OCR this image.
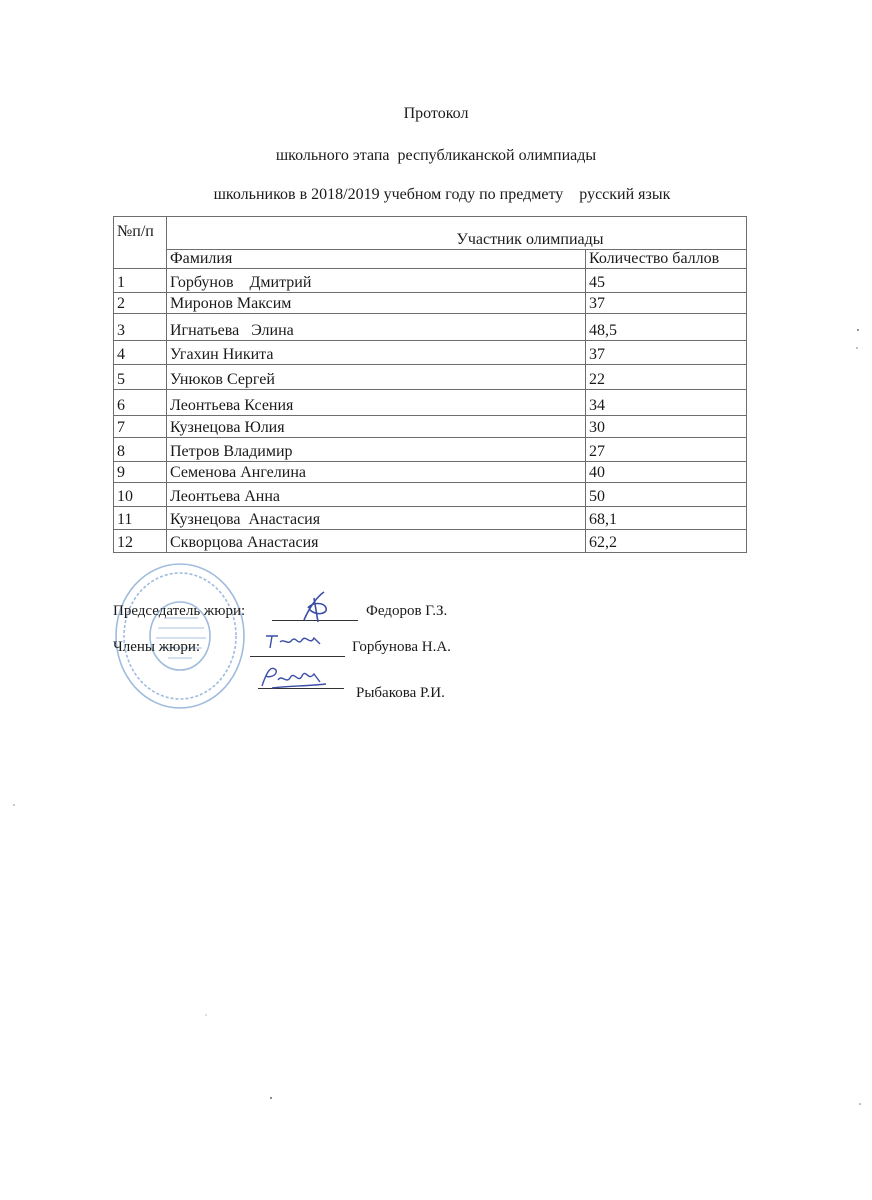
Протокол
школьного этапа  республиканской олимпиады
школьников в 2018/2019 учебном году по предмету    русский язык
№п/п	Участник олимпиады	
	Фамилия	Количество баллов
1	Горбунов    Дмитрий	45
2	Миронов Максим	37
3	Игнатьева   Элина	48,5
4	Угахин Никита	37
5	Унюков Сергей	22
6	Леонтьева Ксения	34
7	Кузнецова Юлия	30
8	Петров Владимир	27
9	Семенова Ангелина	40
10	Леонтьева Анна	50
11	Кузнецова  Анастасия	68,1
12	Скворцова Анастасия	62,2
Председатель жюри:	Федоров Г.З.
Члены жюри:	Горбунова Н.А.
Рыбакова Р.И.
